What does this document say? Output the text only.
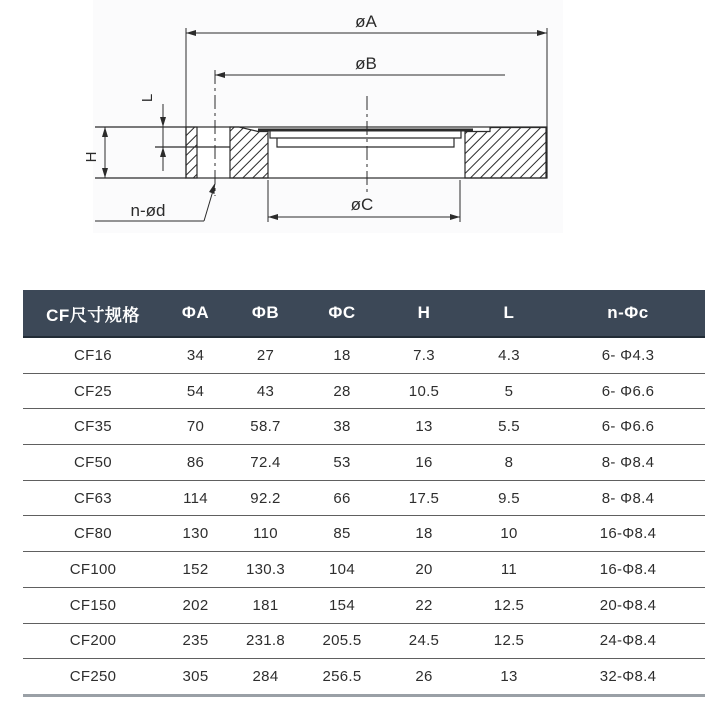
øA
øB
øC
L
H
n-ød
CF尺寸规格	ΦA	ΦB	ΦC	H	L	n-Φc
CF16	34	27	18	7.3	4.3	6- Φ4.3
CF25	54	43	28	10.5	5	6- Φ6.6
CF35	70	58.7	38	13	5.5	6- Φ6.6
CF50	86	72.4	53	16	8	8- Φ8.4
CF63	114	92.2	66	17.5	9.5	8- Φ8.4
CF80	130	110	85	18	10	16-Φ8.4
CF100	152	130.3	104	20	11	16-Φ8.4
CF150	202	181	154	22	12.5	20-Φ8.4
CF200	235	231.8	205.5	24.5	12.5	24-Φ8.4
CF250	305	284	256.5	26	13	32-Φ8.4
